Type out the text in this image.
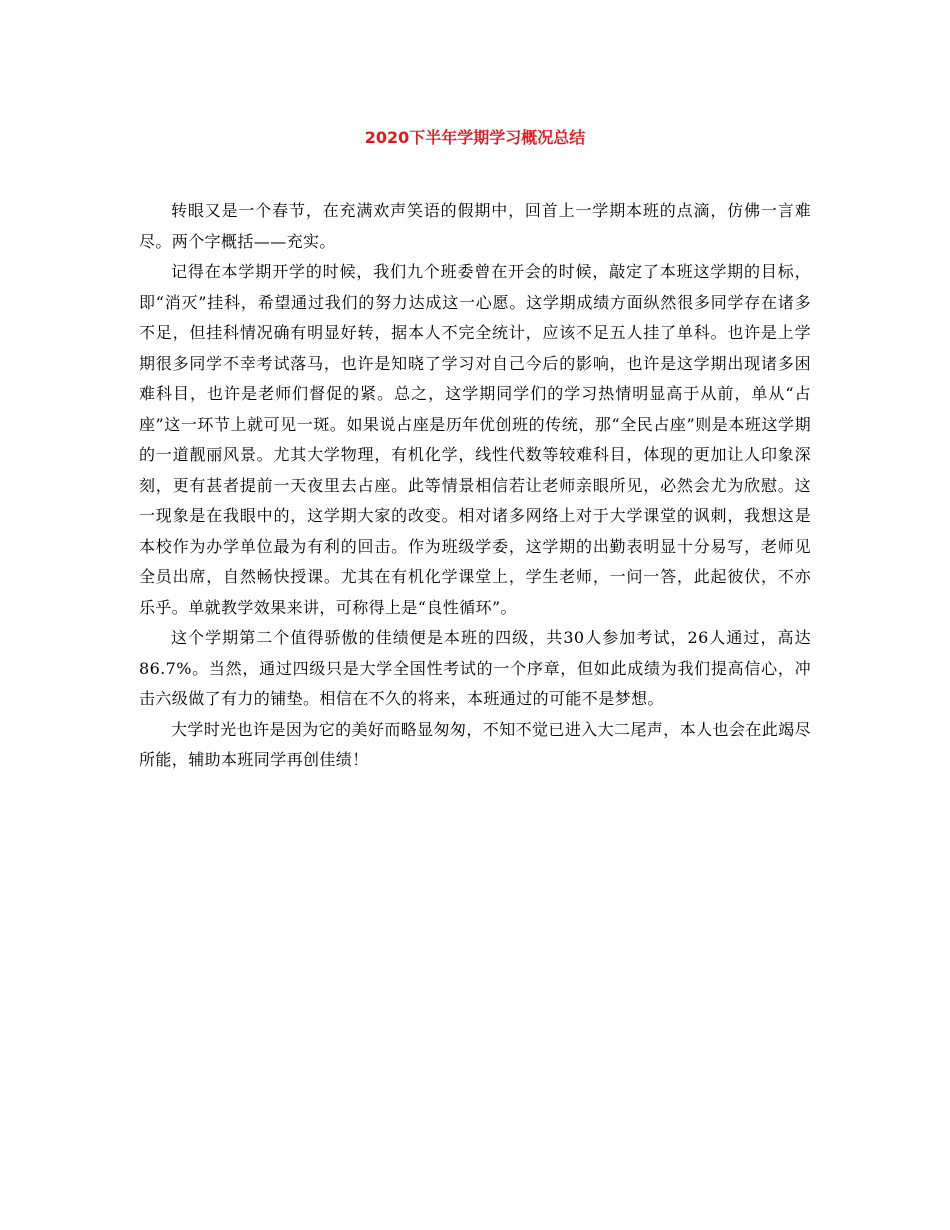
2020下半年学期学习概况总结

转眼又是一个春节，在充满欢声笑语的假期中，回首上一学期本班的点滴，仿佛一言难尽。两个字概括——充实。

记得在本学期开学的时候，我们九个班委曾在开会的时候，敲定了本班这学期的目标，即“消灭”挂科，希望通过我们的努力达成这一心愿。这学期成绩方面纵然很多同学存在诸多不足，但挂科情况确有明显好转，据本人不完全统计，应该不足五人挂了单科。也许是上学期很多同学不幸考试落马，也许是知晓了学习对自己今后的影响，也许是这学期出现诸多困难科目，也许是老师们督促的紧。总之，这学期同学们的学习热情明显高于从前，单从“占座”这一环节上就可见一斑。如果说占座是历年优创班的传统，那“全民占座”则是本班这学期的一道靓丽风景。尤其大学物理，有机化学，线性代数等较难科目，体现的更加让人印象深刻，更有甚者提前一天夜里去占座。此等情景相信若让老师亲眼所见，必然会尤为欣慰。这一现象是在我眼中的，这学期大家的改变。相对诸多网络上对于大学课堂的讽刺，我想这是本校作为办学单位最为有利的回击。作为班级学委，这学期的出勤表明显十分易写，老师见全员出席，自然畅快授课。尤其在有机化学课堂上，学生老师，一问一答，此起彼伏，不亦乐乎。单就教学效果来讲，可称得上是“良性循环”。

这个学期第二个值得骄傲的佳绩便是本班的四级，共30人参加考试，26人通过，高达86.7%。当然，通过四级只是大学全国性考试的一个序章，但如此成绩为我们提高信心，冲击六级做了有力的铺垫。相信在不久的将来，本班通过的可能不是梦想。

大学时光也许是因为它的美好而略显匆匆，不知不觉已进入大二尾声，本人也会在此竭尽所能，辅助本班同学再创佳绩！
